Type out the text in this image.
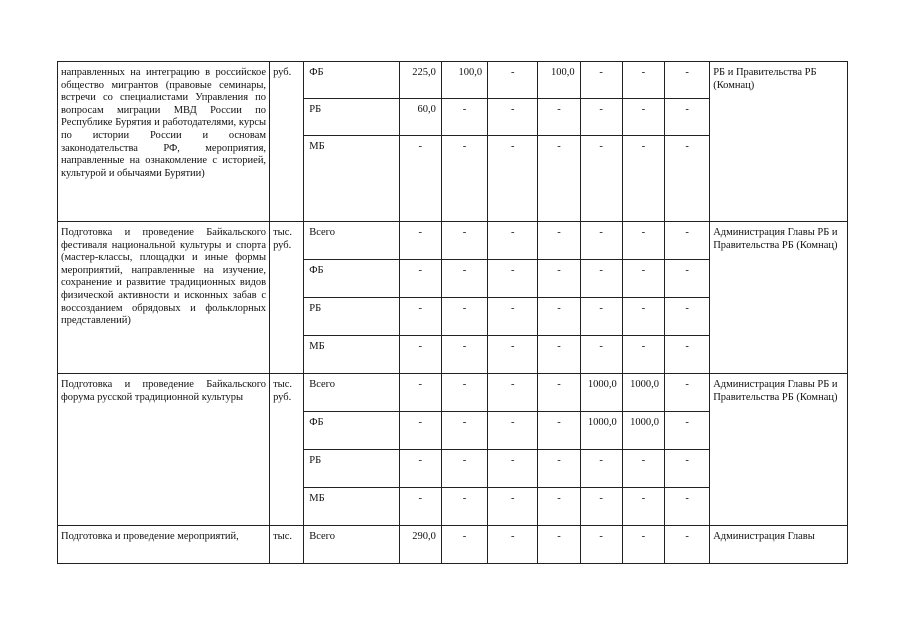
направленных на интеграцию в российское общество мигрантов (правовые семинары, встречи со специалистами Управления по вопросам миграции МВД России по Республике Бурятия и работодателями, курсы по истории России и основам законодательства РФ, мероприятия, направленные на ознакомление с историей, культурой и обычаями Бурятии)	руб.	ФБ	225,0	100,0	-	100,0	-	-	-	РБ и Правительства РБ (Комнац)
		РБ	60,0	-	-	-	-	-	-	
		МБ	-	-	-	-	-	-	-	
Подготовка и проведение Байкальского фестиваля национальной культуры и спорта (мастер-классы, площадки и иные формы мероприятий, направленные на изучение, сохранение и развитие традиционных видов физической активности и исконных забав с воссозданием обрядовых и фольклорных представлений)	тыс. руб.	Всего	-	-	-	-	-	-	-	Администрация Главы РБ и Правительства РБ (Комнац)
		ФБ	-	-	-	-	-	-	-	
		РБ	-	-	-	-	-	-	-	
		МБ	-	-	-	-	-	-	-	
Подготовка и проведение Байкальского форума русской традиционной культуры	тыс. руб.	Всего	-	-	-	-	1000,0	1000,0	-	Администрация Главы РБ и Правительства РБ (Комнац)
		ФБ	-	-	-	-	1000,0	1000,0	-	
		РБ	-	-	-	-	-	-	-	
		МБ	-	-	-	-	-	-	-	
Подготовка и проведение мероприятий,	тыс.	Всего	290,0	-	-	-	-	-	-	Администрация Главы
